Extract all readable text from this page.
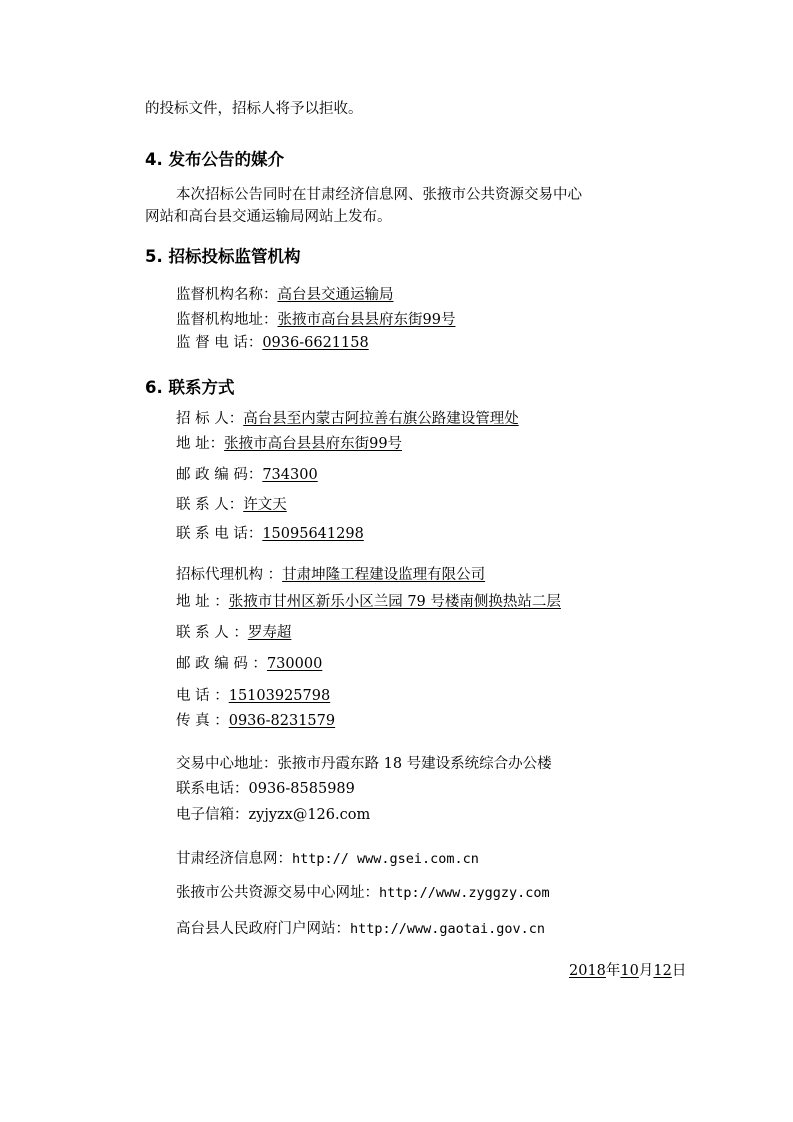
的投标文件，招标人将予以拒收。
4. 发布公告的媒介
本次招标公告同时在甘肃经济信息网、张掖市公共资源交易中心
网站和高台县交通运输局网站上发布。
5. 招标投标监管机构
监督机构名称：高台县交通运输局
监督机构地址：张掖市高台县县府东街99号
监 督 电 话：0936-6621158
6. 联系方式
招 标 人：高台县至内蒙古阿拉善右旗公路建设管理处
地 址：张掖市高台县县府东街99号
邮 政 编 码：734300
联 系 人：许文天
联 系 电 话：15095641298
招标代理机构 ：甘肃坤隆工程建设监理有限公司
地 址 ：张掖市甘州区新乐小区兰园 79 号楼南侧换热站二层
联 系 人 ：罗寿超
邮 政 编 码 ：730000
电 话 ：15103925798
传 真 ：0936-8231579
交易中心地址：张掖市丹霞东路 18 号建设系统综合办公楼
联系电话：0936-8585989
电子信箱：zyjyzx@126.com
甘肃经济信息网：http:// www.gsei.com.cn
张掖市公共资源交易中心网址：http://www.zyggzy.com
高台县人民政府门户网站：http://www.gaotai.gov.cn
2018年10月12日
